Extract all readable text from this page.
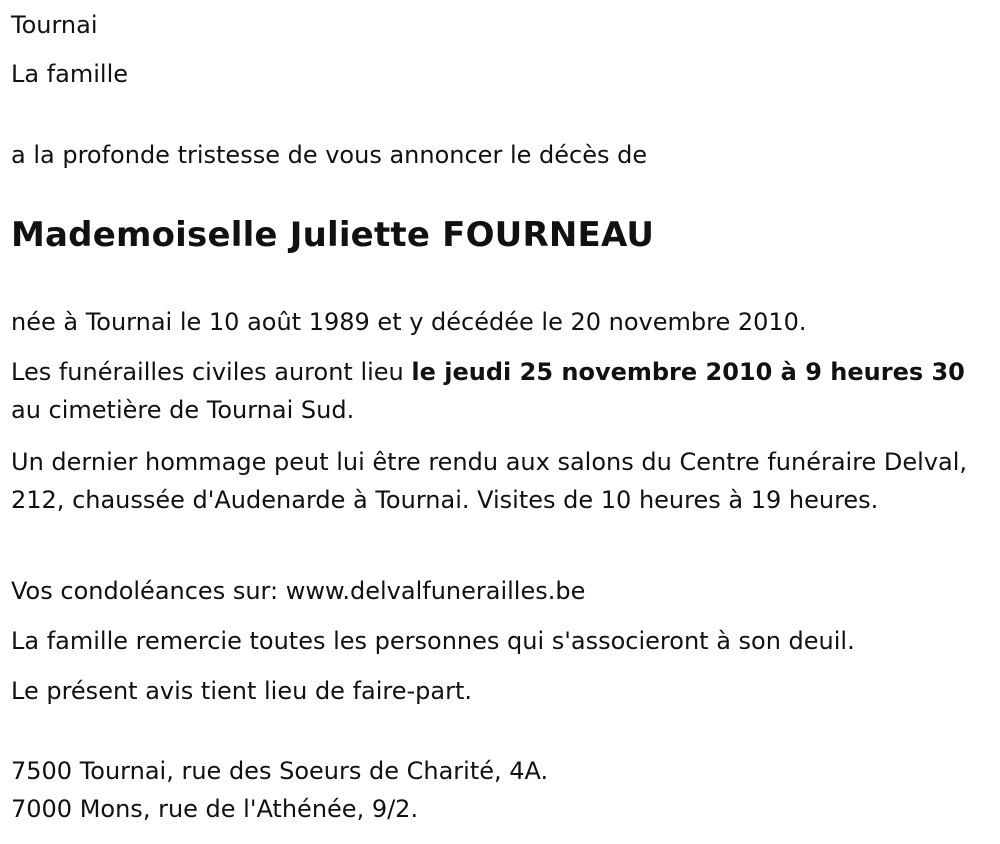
Tournai

La famille

a la profonde tristesse de vous annoncer le décès de

Mademoiselle Juliette FOURNEAU

née à Tournai le 10 août 1989 et y décédée le 20 novembre 2010.

Les funérailles civiles auront lieu le jeudi 25 novembre 2010 à 9 heures 30 au cimetière de Tournai Sud.

Un dernier hommage peut lui être rendu aux salons du Centre funéraire Delval, 212, chaussée d'Audenarde à Tournai. Visites de 10 heures à 19 heures.

Vos condoléances sur: www.delvalfunerailles.be

La famille remercie toutes les personnes qui s'associeront à son deuil.

Le présent avis tient lieu de faire-part.

7500 Tournai, rue des Soeurs de Charité, 4A.

7000 Mons, rue de l'Athénée, 9/2.
